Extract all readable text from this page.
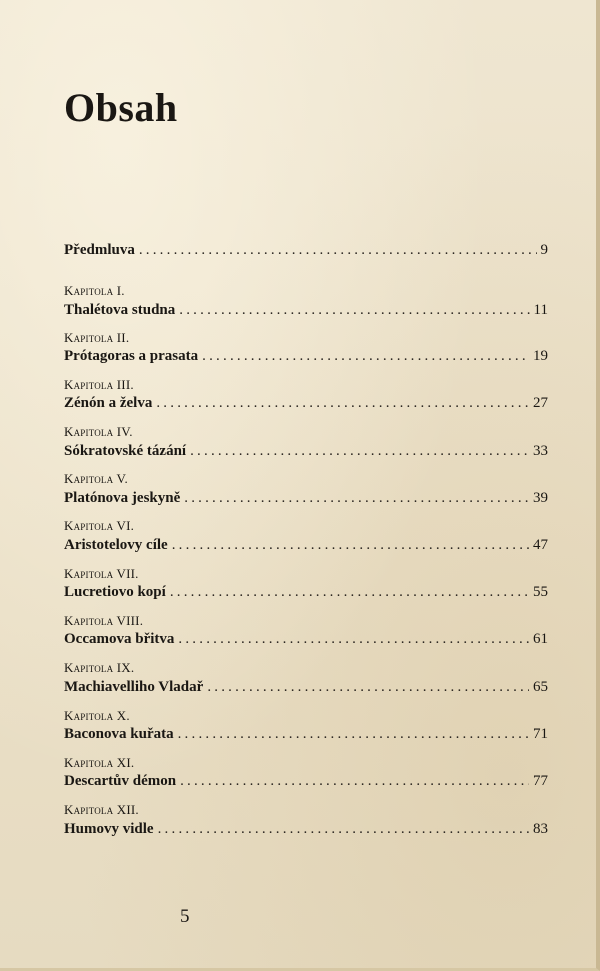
Obsah
Předmluva .....	9
Kapitola I.
Thalétova studna .....	11
Kapitola II.
Prótagoras a prasata .....	19
Kapitola III.
Zénón a želva .....	27
Kapitola IV.
Sókratovské tázání .....	33
Kapitola V.
Platónova jeskyně .....	39
Kapitola VI.
Aristotelovy cíle .....	47
Kapitola VII.
Lucretiovo kopí .....	55
Kapitola VIII.
Occamova břitva .....	61
Kapitola IX.
Machiavelliho Vladař .....	65
Kapitola X.
Baconova kuřata .....	71
Kapitola XI.
Descartův démon .....	77
Kapitola XII.
Humovy vidle .....	83
5
